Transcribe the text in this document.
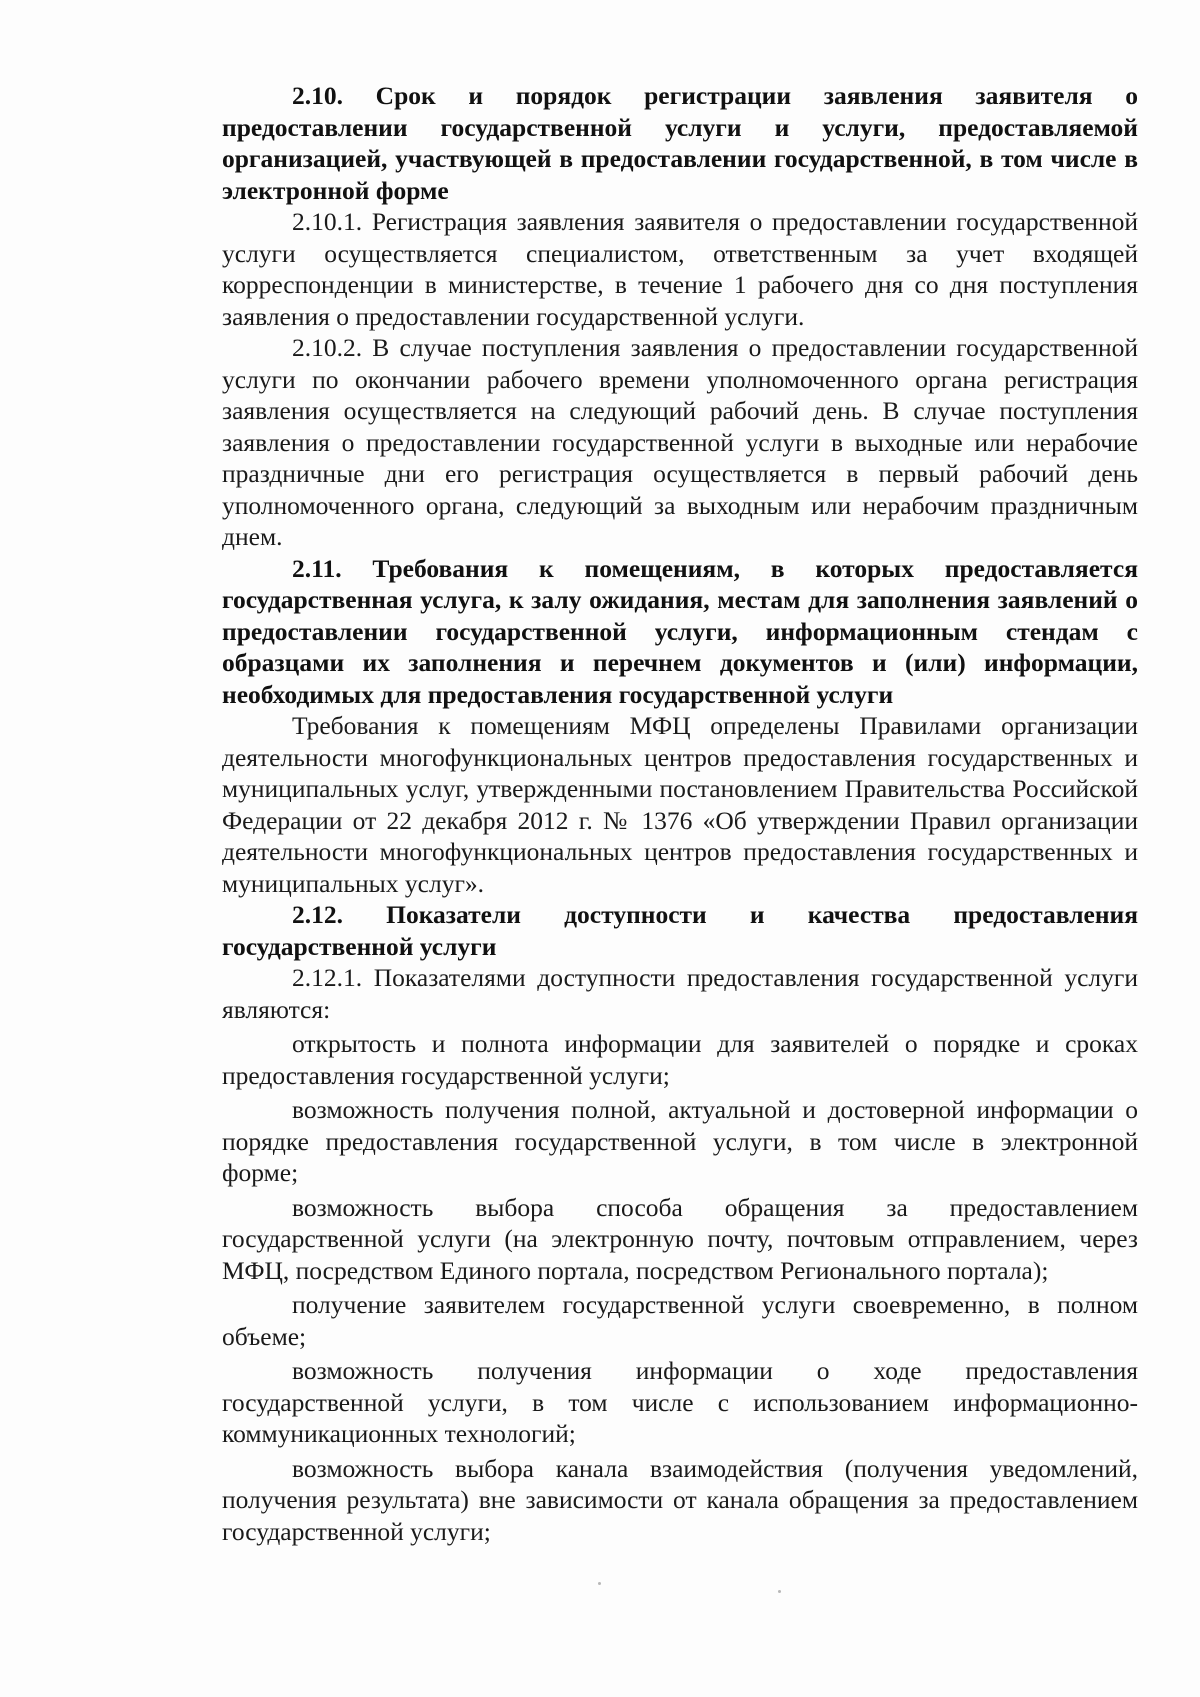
2.10. Срок и порядок регистрации заявления заявителя о предоставлении государственной услуги и услуги, предоставляемой организацией, участвующей в предоставлении государственной, в том числе в электронной форме

2.10.1. Регистрация заявления заявителя о предоставлении государственной услуги осуществляется специалистом, ответственным за учет входящей корреспонденции в министерстве, в течение 1 рабочего дня со дня поступления заявления о предоставлении государственной услуги.

2.10.2. В случае поступления заявления о предоставлении государственной услуги по окончании рабочего времени уполномоченного органа регистрация заявления осуществляется на следующий рабочий день. В случае поступления заявления о предоставлении государственной услуги в выходные или нерабочие праздничные дни его регистрация осуществляется в первый рабочий день уполномоченного органа, следующий за выходным или нерабочим праздничным днем.

2.11. Требования к помещениям, в которых предоставляется государственная услуга, к залу ожидания, местам для заполнения заявлений о предоставлении государственной услуги, информационным стендам с образцами их заполнения и перечнем документов и (или) информации, необходимых для предоставления государственной услуги

Требования к помещениям МФЦ определены Правилами организации деятельности многофункциональных центров предоставления государственных и муниципальных услуг, утвержденными постановлением Правительства Российской Федерации от 22 декабря 2012 г. № 1376 «Об утверждении Правил организации деятельности многофункциональных центров предоставления государственных и муниципальных услуг».

2.12. Показатели доступности и качества предоставления государственной услуги

2.12.1. Показателями доступности предоставления государственной услуги являются:

открытость и полнота информации для заявителей о порядке и сроках предоставления государственной услуги;

возможность получения полной, актуальной и достоверной информации о порядке предоставления государственной услуги, в том числе в электронной форме;

возможность выбора способа обращения за предоставлением государственной услуги (на электронную почту, почтовым отправлением, через МФЦ, посредством Единого портала, посредством Регионального портала);

получение заявителем государственной услуги своевременно, в полном объеме;

возможность получения информации о ходе предоставления государственной услуги, в том числе с использованием информационно-коммуникационных технологий;

возможность выбора канала взаимодействия (получения уведомлений, получения результата) вне зависимости от канала обращения за предоставлением государственной услуги;
